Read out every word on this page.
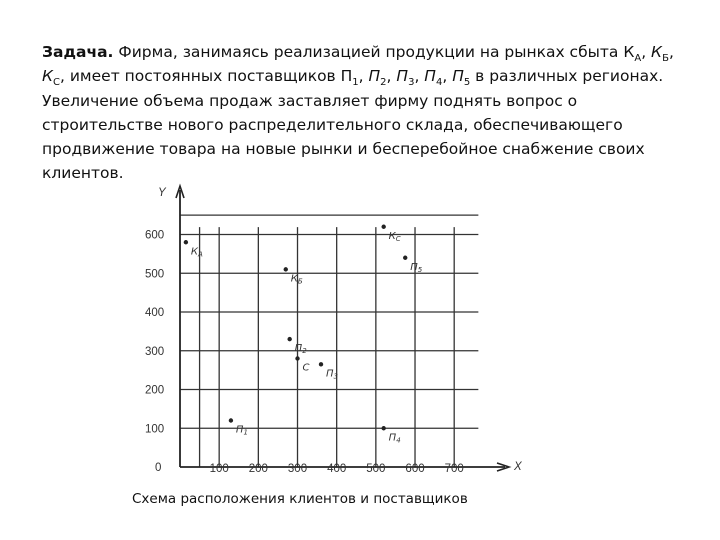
Задача. Фирма, занимаясь реализацией продукции на рынках сбыта $К_А$, $К_Б$, $К_С$, имеет постоянных поставщиков $П_1$, $П_2$, $П_3$, $П_4$, $П_5$ в различных регионах. Увеличение объема продаж заставляет фирму поднять вопрос о строительстве нового распределительного склада, обеспечивающего продвижение товара на новые рынки и бесперебойное снабжение своих клиентов.
Y
X
0	100 200 300 400 500 600 700
100
200
300
400
500
600
$К_А$
$К_Б$
$К_С$
$П_1$
$П_2$
$П_3$
$П_4$
$П_5$
С
Схема расположения клиентов и поставщиков
